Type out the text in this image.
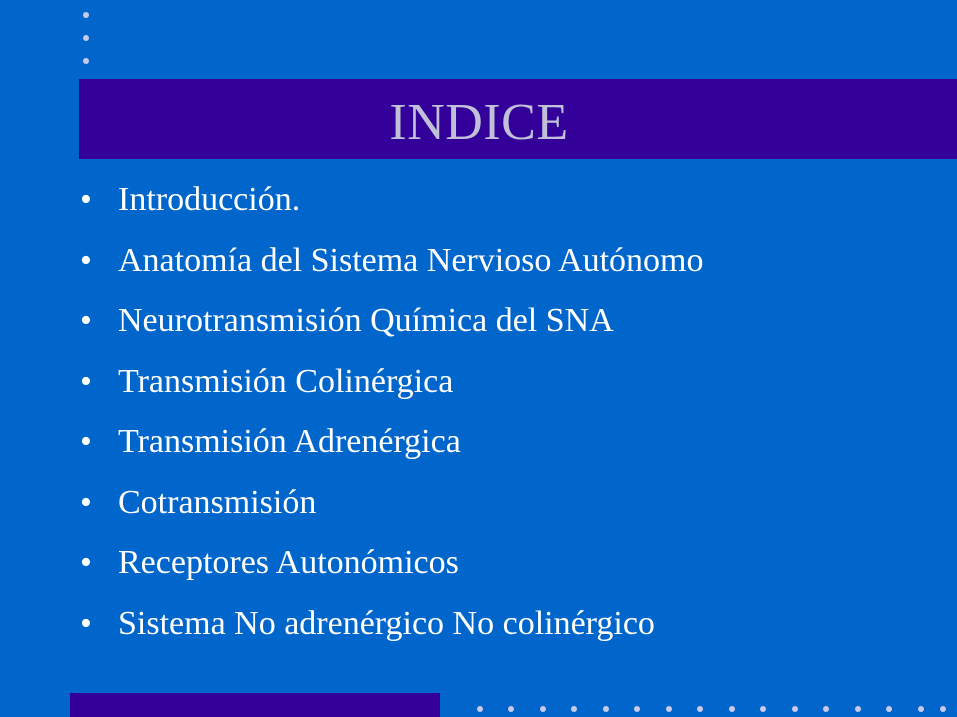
INDICE
• Introducción.
• Anatomía del Sistema Nervioso Autónomo
• Neurotransmisión Química del SNA
• Transmisión Colinérgica
• Transmisión Adrenérgica
• Cotransmisión
• Receptores Autonómicos
• Sistema No adrenérgico No colinérgico
